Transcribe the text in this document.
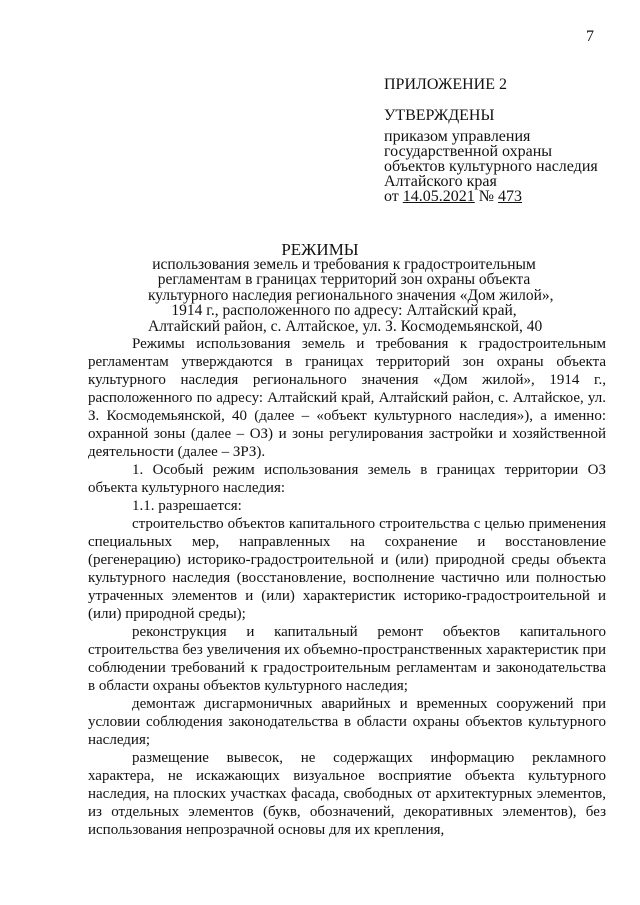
7
ПРИЛОЖЕНИЕ 2
УТВЕРЖДЕНЫ
приказом управления
государственной охраны
объектов культурного наследия
Алтайского края
от 14.05.2021 № 473
РЕЖИМЫ
использования земель и требования к градостроительным
регламентам в границах территорий зон охраны объекта
культурного наследия регионального значения «Дом жилой»,
1914 г., расположенного по адресу: Алтайский край,
Алтайский район, с. Алтайское, ул. З. Космодемьянской, 40

Режимы использования земель и требования к градостроительным регламентам утверждаются в границах территорий зон охраны объекта культурного наследия регионального значения «Дом жилой», 1914 г., расположенного по адресу: Алтайский край, Алтайский район, с. Алтайское, ул. З. Космодемьянской, 40 (далее – «объект культурного наследия»), а именно: охранной зоны (далее – ОЗ) и зоны регулирования застройки и хозяйственной деятельности (далее – ЗРЗ).

1. Особый режим использования земель в границах территории ОЗ объекта культурного наследия:

1.1. разрешается:

строительство объектов капитального строительства с целью применения специальных мер, направленных на сохранение и восстановление (регенерацию) историко-градостроительной и (или) природной среды объекта культурного наследия (восстановление, восполнение частично или полностью утраченных элементов и (или) характеристик историко-градостроительной и (или) природной среды);

реконструкция и капитальный ремонт объектов капитального строительства без увеличения их объемно-пространственных характеристик при соблюдении требований к градостроительным регламентам и законодательства в области охраны объектов культурного наследия;

демонтаж дисгармоничных аварийных и временных сооружений при условии соблюдения законодательства в области охраны объектов культурного наследия;

размещение вывесок, не содержащих информацию рекламного характера, не искажающих визуальное восприятие объекта культурного наследия, на плоских участках фасада, свободных от архитектурных элементов, из отдельных элементов (букв, обозначений, декоративных элементов), без использования непрозрачной основы для их крепления,
